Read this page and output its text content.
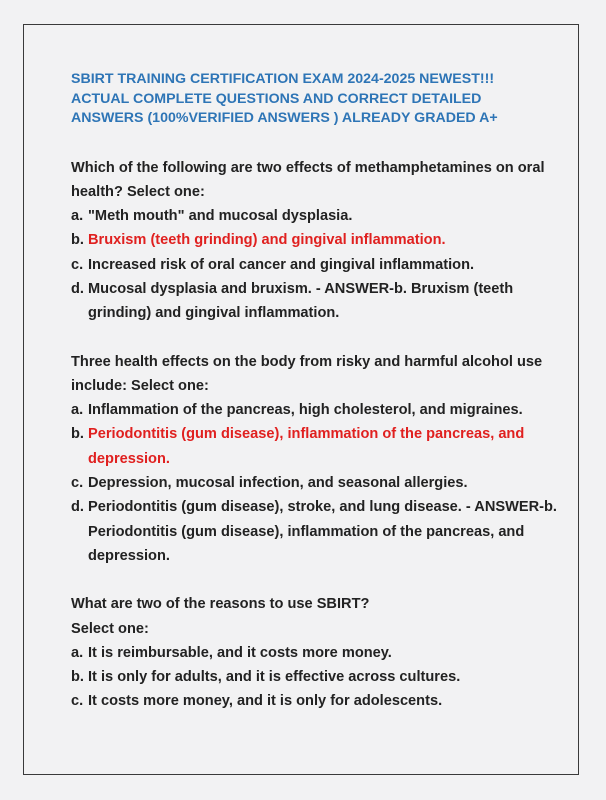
SBIRT TRAINING CERTIFICATION EXAM 2024-2025 NEWEST!!!
ACTUAL COMPLETE QUESTIONS AND CORRECT DETAILED
ANSWERS (100%VERIFIED ANSWERS ) ALREADY GRADED A+
Which of the following are two effects of methamphetamines on oral
health? Select one:
a. "Meth mouth" and mucosal dysplasia.
b. Bruxism (teeth grinding) and gingival inflammation.
c. Increased risk of oral cancer and gingival inflammation.
d. Mucosal dysplasia and bruxism. - ANSWER-b. Bruxism (teeth
grinding) and gingival inflammation.
Three health effects on the body from risky and harmful alcohol use
include: Select one:
a. Inflammation of the pancreas, high cholesterol, and migraines.
b. Periodontitis (gum disease), inflammation of the pancreas, and
depression.
c. Depression, mucosal infection, and seasonal allergies.
d. Periodontitis (gum disease), stroke, and lung disease. - ANSWER-b.
Periodontitis (gum disease), inflammation of the pancreas, and
depression.
What are two of the reasons to use SBIRT?
Select one:
a. It is reimbursable, and it costs more money.
b. It is only for adults, and it is effective across cultures.
c. It costs more money, and it is only for adolescents.
